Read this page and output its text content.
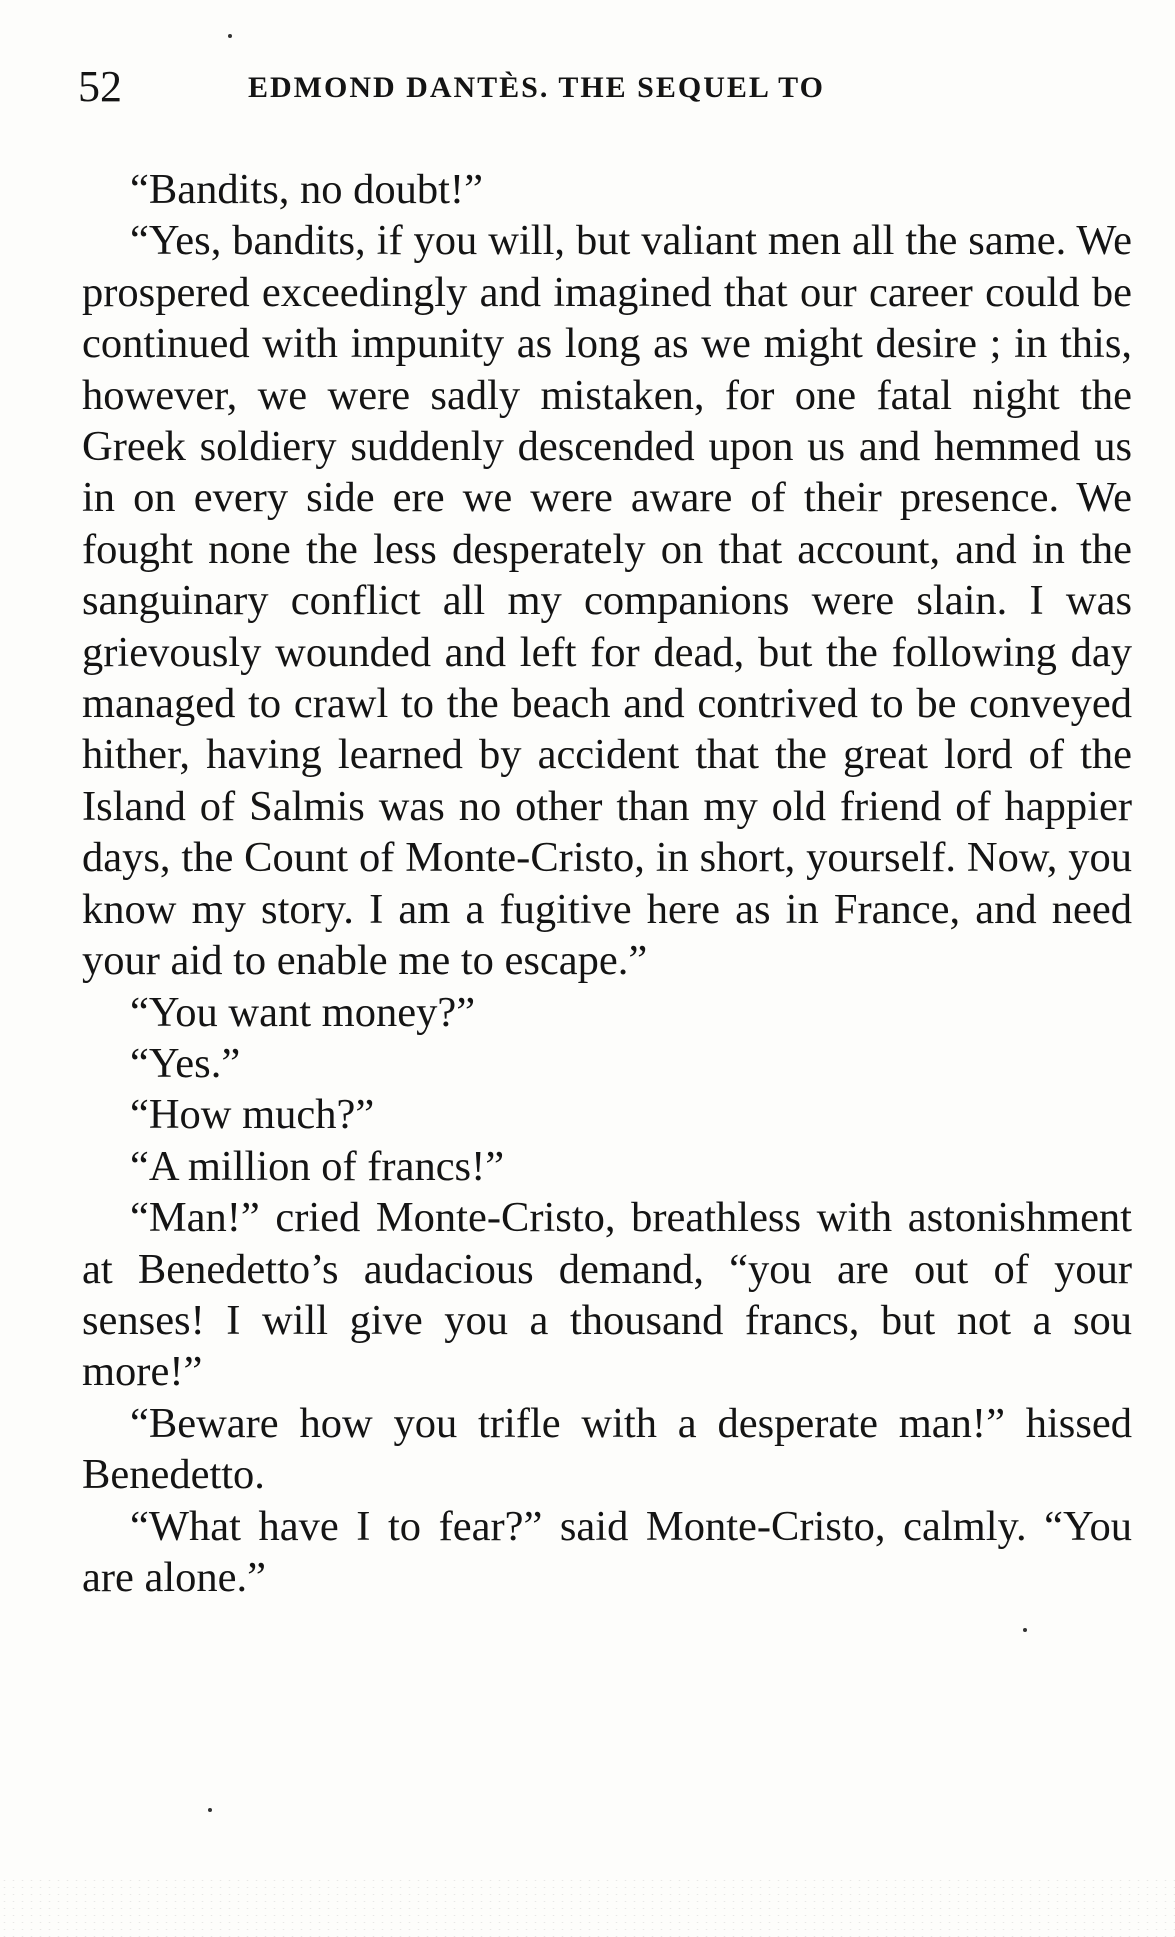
52	EDMOND DANTÈS. THE SEQUEL TO

“Bandits, no doubt!”

“Yes, bandits, if you will, but valiant men all the same. We prospered exceedingly and imagined that our career could be continued with impunity as long as we might desire ; in this, however, we were sadly mistaken, for one fatal night the Greek soldiery suddenly descended upon us and hemmed us in on every side ere we were aware of their presence. We fought none the less desperately on that account, and in the sanguinary conflict all my companions were slain. I was grievously wounded and left for dead, but the following day managed to crawl to the beach and contrived to be conveyed hither, having learned by accident that the great lord of the Island of Salmis was no other than my old friend of happier days, the Count of Monte-Cristo, in short, yourself. Now, you know my story. I am a fugitive here as in France, and need your aid to enable me to escape.”

“You want money?”

“Yes.”

“How much?”

“A million of francs!”

“Man!” cried Monte-Cristo, breathless with astonishment at Benedetto’s audacious demand, “you are out of your senses! I will give you a thousand francs, but not a sou more!”

“Beware how you trifle with a desperate man!” hissed Benedetto.

“What have I to fear?” said Monte-Cristo, calmly. “You are alone.”
